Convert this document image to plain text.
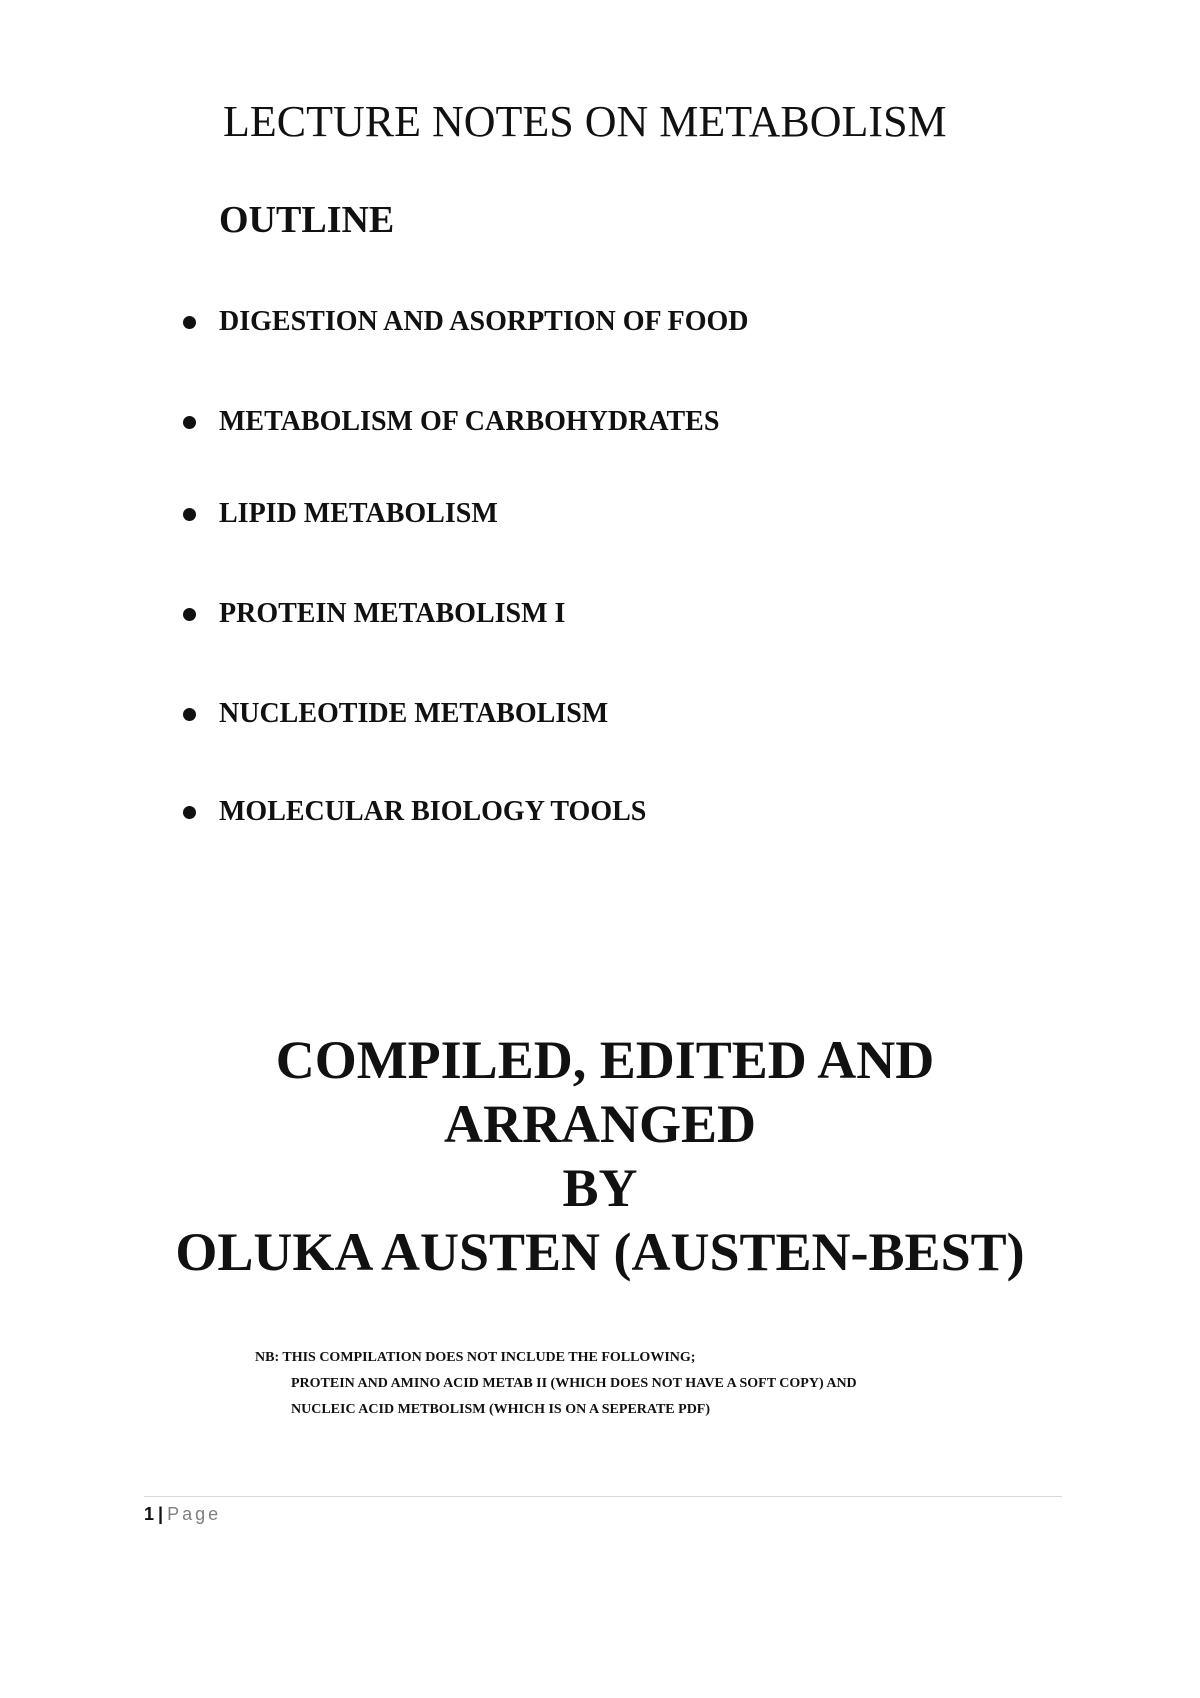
LECTURE NOTES ON METABOLISM
OUTLINE
DIGESTION AND ASORPTION OF FOOD
METABOLISM OF CARBOHYDRATES
LIPID METABOLISM
PROTEIN METABOLISM I
NUCLEOTIDE METABOLISM
MOLECULAR BIOLOGY TOOLS
COMPILED, EDITED AND
ARRANGED
BY
OLUKA AUSTEN (AUSTEN-BEST)
NB: THIS COMPILATION DOES NOT INCLUDE THE FOLLOWING;
PROTEIN AND AMINO ACID METAB II (WHICH DOES NOT HAVE A SOFT COPY) AND
NUCLEIC ACID METBOLISM (WHICH IS ON A SEPERATE PDF)
1 | Page
